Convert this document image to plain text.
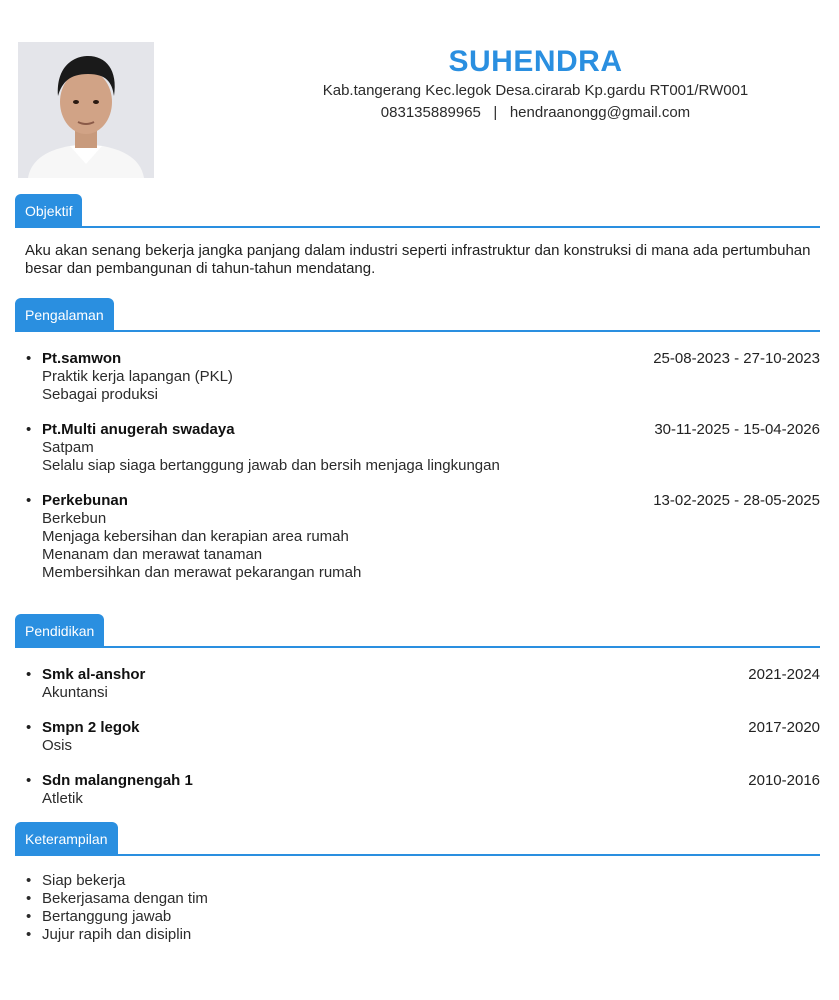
SUHENDRA
Kab.tangerang Kec.legok Desa.cirarab Kp.gardu RT001/RW001
083135889965 | hendraanongg@gmail.com
Objektif
Aku akan senang bekerja jangka panjang dalam industri seperti infrastruktur dan konstruksi di mana ada pertumbuhan besar dan pembangunan di tahun-tahun mendatang.
Pengalaman
• Pt.samwon	25-08-2023 - 27-10-2023
Praktik kerja lapangan (PKL)
Sebagai produksi
• Pt.Multi anugerah swadaya	30-11-2025 - 15-04-2026
Satpam
Selalu siap siaga bertanggung jawab dan bersih menjaga lingkungan
• Perkebunan	13-02-2025 - 28-05-2025
Berkebun
Menjaga kebersihan dan kerapian area rumah
Menanam dan merawat tanaman
Membersihkan dan merawat pekarangan rumah
Pendidikan
• Smk al-anshor	2021-2024
Akuntansi
• Smpn 2 legok	2017-2020
Osis
• Sdn malangnengah 1	2010-2016
Atletik
Keterampilan
• Siap bekerja
• Bekerjasama dengan tim
• Bertanggung jawab
• Jujur rapih dan disiplin
